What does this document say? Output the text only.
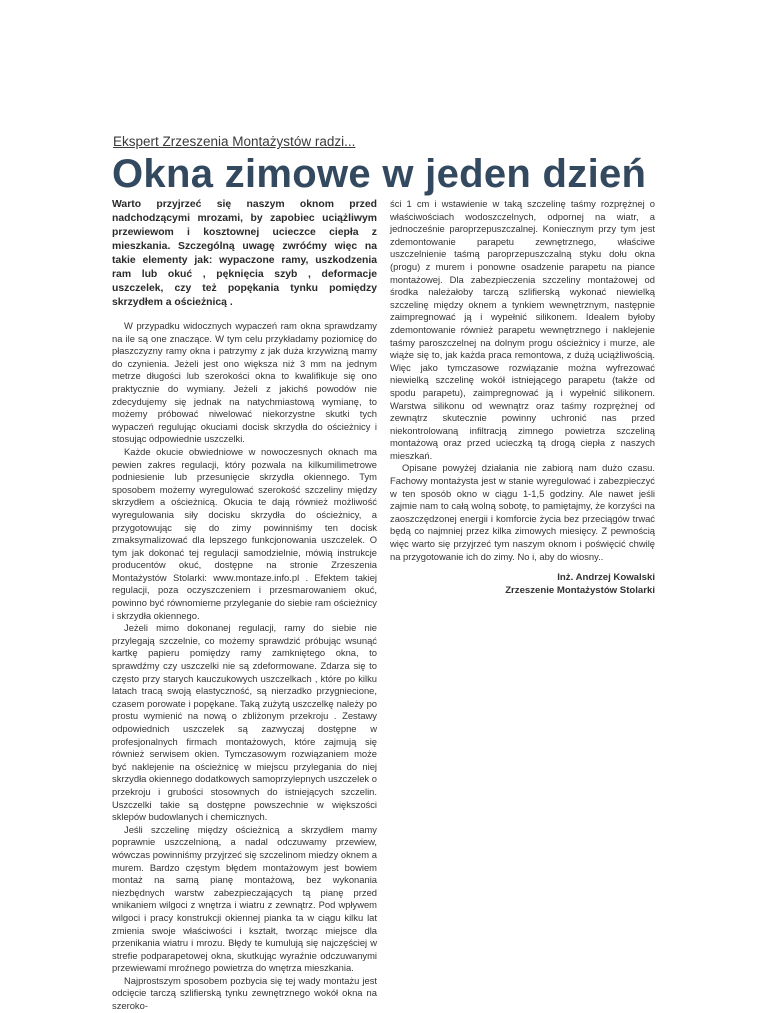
Ekspert Zrzeszenia Montażystów radzi...
Okna zimowe w jeden dzień
Warto przyjrzeć się naszym oknom przed nadchodzącymi mrozami, by zapobiec uciążliwym przewiewom i kosztownej ucieczce ciepła z mieszkania. Szczególną uwagę zwróćmy więc na takie elementy jak: wypaczone ramy, uszkodzenia ram lub okuć , pęknięcia szyb , deformacje uszczelek, czy też popękania tynku pomiędzy skrzydłem a ościeżnicą .

W przypadku widocznych wypaczeń ram okna sprawdzamy na ile są one znaczące. W tym celu przykładamy poziomicę do płaszczyzny ramy okna i patrzymy z jak duża krzywizną mamy do czynienia. Jeżeli jest ono większa niż 3 mm na jednym metrze długości lub szerokości okna to kwalifikuje się ono praktycznie do wymiany. Jeżeli z jakichś powodów nie zdecydujemy się jednak na natychmiastową wymianę, to możemy próbować niwelować niekorzystne skutki tych wypaczeń regulując okuciami docisk skrzydła do ościeżnicy i stosując odpowiednie uszczelki.

Każde okucie obwiedniowe w nowoczesnych oknach ma pewien zakres regulacji, który pozwala na kilkumilimetrowe podniesienie lub przesunięcie skrzydła okiennego. Tym sposobem możemy wyregulować szerokość szczeliny między skrzydłem a ościeżnicą. Okucia te dają również możliwość wyregulowania siły docisku skrzydła do ościeżnicy, a przygotowując się do zimy powinniśmy ten docisk zmaksymalizować dla lepszego funkcjonowania uszczelek. O tym jak dokonać tej regulacji samodzielnie, mówią instrukcje producentów okuć, dostępne na stronie Zrzeszenia Montażystów Stolarki: www.montaze.info.pl . Efektem takiej regulacji, poza oczyszczeniem i przesmarowaniem okuć, powinno być równomierne przyleganie do siebie ram ościeżnicy i skrzydła okiennego.

Jeżeli mimo dokonanej regulacji, ramy do siebie nie przylegają szczelnie, co możemy sprawdzić próbując wsunąć kartkę papieru pomiędzy ramy zamkniętego okna, to sprawdźmy czy uszczelki nie są zdeformowane. Zdarza się to często przy starych kauczukowych uszczelkach , które po kilku latach tracą swoją elastyczność, są nierzadko przygniecione, czasem porowate i popękane. Taką zużytą uszczelkę należy po prostu wymienić na nową o zbliżonym przekroju . Zestawy odpowiednich uszczelek są zazwyczaj dostępne w profesjonalnych firmach montażowych, które zajmują się również serwisem okien. Tymczasowym rozwiązaniem może być naklejenie na ościeżnicę w miejscu przylegania do niej skrzydła okiennego dodatkowych samoprzylepnych uszczelek o przekroju i grubości stosownych do istniejących szczelin. Uszczelki takie są dostępne powszechnie w większości sklepów budowlanych i chemicznych.

Jeśli szczelinę między ościeżnicą a skrzydłem mamy poprawnie uszczelnioną, a nadal odczuwamy przewiew, wówczas powinniśmy przyjrzeć się szczelinom miedzy oknem a murem. Bardzo częstym błędem montażowym jest bowiem montaż na samą pianę montażową, bez wykonania niezbędnych warstw zabezpieczających tą pianę przed wnikaniem wilgoci z wnętrza i wiatru z zewnątrz. Pod wpływem wilgoci i pracy konstrukcji okiennej pianka ta w ciągu kilku lat zmienia swoje właściwości i kształt, tworząc miejsce dla przenikania wiatru i mrozu. Błędy te kumulują się najczęściej w strefie podparapetowej okna, skutkując wyraźnie odczuwanymi przewiewami mroźnego powietrza do wnętrza mieszkania.

Najprostszym sposobem pozbycia się tej wady montażu jest odcięcie tarczą szlifierską tynku zewnętrznego wokół okna na szeroko-

ści 1 cm i wstawienie w taką szczelinę taśmy rozprężnej o właściwościach wodoszczelnych, odpornej na wiatr, a jednocześnie paroprzepuszczalnej. Koniecznym przy tym jest zdemontowanie parapetu zewnętrznego, właściwe uszczelnienie taśmą paroprzepuszczalną styku dołu okna (progu) z murem i ponowne osadzenie parapetu na piance montażowej. Dla zabezpieczenia szczeliny montażowej od środka należałoby tarczą szlifierską wykonać niewielką szczelinę między oknem a tynkiem wewnętrznym, następnie zaimpregnować ją i wypełnić silikonem. Idealem byłoby zdemontowanie również parapetu wewnętrznego i naklejenie taśmy paroszczelnej na dolnym progu ościeżnicy i murze, ale wiąże się to, jak każda praca remontowa, z dużą uciążliwością. Więc jako tymczasowe rozwiązanie można wyfrezować niewielką szczelinę wokół istniejącego parapetu (także od spodu parapetu), zaimpregnować ją i wypełnić silikonem. Warstwa silikonu od wewnątrz oraz taśmy rozprężnej od zewnątrz skutecznie powinny uchronić nas przed niekontrolowaną infiltracją zimnego powietrza szczeliną montażową oraz przed ucieczką tą drogą ciepła z naszych mieszkań.

Opisane powyżej działania nie zabiorą nam dużo czasu. Fachowy montażysta jest w stanie wyregulować i zabezpieczyć w ten sposób okno w ciągu 1-1,5 godziny. Ale nawet jeśli zajmie nam to całą wolną sobotę, to pamiętajmy, że korzyści na zaoszczędzonej energii i komforcie życia bez przeciągów trwać będą co najmniej przez kilka zimowych miesięcy. Z pewnością więc warto się przyjrzeć tym naszym oknom i poświęcić chwilę na przygotowanie ich do zimy. No i, aby do wiosny..

Inż. Andrzej Kowalski
Zrzeszenie Montażystów Stolarki
